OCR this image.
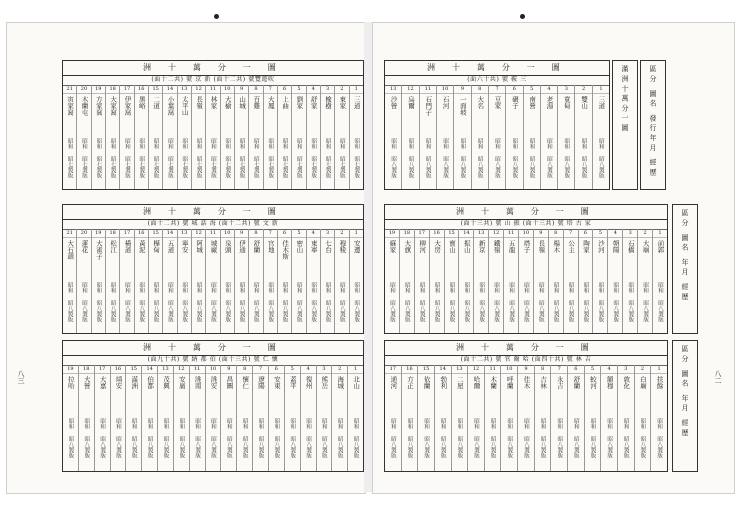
八三	八二
洲 十 萬 分 一 圖
(面十二共) 號 京 新 (面十二共) 號覽遊吹
21
寅家窩
昭和
昭七製版
20
木蘭屯
昭和
昭七製版
19
方家窩
昭和
昭七製版
18
大家窩
昭和
昭七製版
17
伊家窩
昭和
昭七製版
16
黑峪
昭和
昭七製版
15
二道
昭和
昭七製版
14
小葉窩
昭和
昭七製版
13
太平山
昭和
昭七製版
12
長嶺
昭和
昭七製版
11
林家
昭和
昭七製版
10
大榆
昭和
昭七製版
9
山城
昭和
昭七製版
8
百雞
昭和
昭七製版
7
大鳳
昭和
昭七製版
6
上曲
昭和
昭七製版
5
劉家
昭和
昭七製版
4
舒家
昭和
昭七製版
3
楡樹
昭和
昭七製版
2
東家
昭和
昭七製版
1
三道
昭和
昭七製版
洲 十 萬 分 一 圖
(面十二共) 號 城 話 海 (面十二共) 號 文 新
21
大石頭
昭和
昭八製版
20
蓮花
昭和
昭八製版
19
大雀子
昭和
昭八製版
18
松江
昭和
昭八製版
17
橫道
昭和
昭八製版
16
黃泥
昭和
昭八製版
15
樺甸
昭和
昭八製版
14
五道
昭和
昭八製版
13
寧安
昭和
昭八製版
12
阿城
昭和
昭八製版
11
城廠
昭和
昭八製版
10
泉頭
昭和
昭八製版
9
伊通
昭和
昭八製版
8
舒蘭
昭和
昭八製版
7
官地
昭和
昭八製版
6
佳木斯
昭和
昭八製版
5
密山
昭和
昭八製版
4
東寧
昭和
昭八製版
3
七台
昭和
昭八製版
2
穆稜
昭和
昭八製版
1
安邊
昭和
昭八製版
洲 十 萬 分 一 圖
(面九十共) 號 納 都 伯 (面十三共) 號 仁 懷
19
拉哈
昭和
昭八製版
18
大營
昭和
昭八製版
17
大嘉
昭和
昭八製版
16
靖安
昭和
昭八製版
15
滿洲
昭和
昭八製版
14
伯都
昭和
昭八製版
13
茂興
昭和
昭八製版
12
安廣
昭和
昭八製版
11
洮南
昭和
昭八製版
10
洮安
昭和
昭八製版
9
昌圖
昭和
昭八製版
8
懷仁
昭和
昭八製版
7
遼陽
昭和
昭八製版
6
安東
昭和
昭八製版
5
蓋平
昭和
昭八製版
4
復州
昭和
昭八製版
3
熊岳
昭和
昭八製版
2
海城
昭和
昭八製版
1
北山
昭和
昭八製版
洲 十 萬 分 一 圖
(面六十共) 號 鞍 三
13
沙營
昭和
昭八製版
12
烏爾
昭和
昭八製版
11
石門子
昭和
昭八製版
10
石河
昭和
昭八製版
9
一面坡
昭和
昭八製版
8
大名
昭和
昭八製版
7
豆家
昭和
昭八製版
6
碾子
昭和
昭八製版
5
南營
昭和
昭八製版
4
老湯
昭和
昭八製版
3
寬甸
昭和
昭八製版
2
雙山
昭和
昭八製版
1
三道
昭和
昭八製版
洲 十 萬 分 一 圖
(面十三共) 號 山 振 (面十三共) 號 塔 古 家
19
蘇家
昭和
昭八製版
18
大旗
昭和
昭八製版
17
柳河
昭和
昭八製版
16
大房
昭和
昭八製版
15
寶山
昭和
昭八製版
14
振山
昭和
昭八製版
13
新京
昭和
昭八製版
12
鐵嶺
昭和
昭八製版
11
五龍
昭和
昭八製版
10
塔子
昭和
昭八製版
9
長嶺
昭和
昭八製版
8
楊木
昭和
昭八製版
7
公主
昭和
昭八製版
6
陶家
昭和
昭八製版
5
沙河
昭和
昭八製版
4
朝陽
昭和
昭八製版
3
石橋
昭和
昭八製版
2
大廟
昭和
昭八製版
1
前郭
昭和
昭八製版
洲 十 萬 分 一 圖
(面十二共) 號 官 爾 哈 (面四十共) 號 林 吉
17
通河
昭和
昭八製版
16
方正
昭和
昭八製版
15
依蘭
昭和
昭八製版
14
勃利
昭和
昭八製版
13
二屋
昭和
昭八製版
12
哈爾
昭和
昭八製版
11
木蘭
昭和
昭八製版
10
呼蘭
昭和
昭八製版
9
佳木
昭和
昭八製版
8
吉林
昭和
昭八製版
7
永吉
昭和
昭八製版
6
舒蘭
昭和
昭八製版
5
蛟河
昭和
昭八製版
4
額穆
昭和
昭八製版
3
敦化
昭和
昭八製版
2
白廟
昭和
昭八製版
1
扶餘
昭和
昭八製版
滿洲十萬分一圖
區分 圖名 年月 經歷
區分 圖名 年月 經歷
區分 圖名 發行年月 經歷
